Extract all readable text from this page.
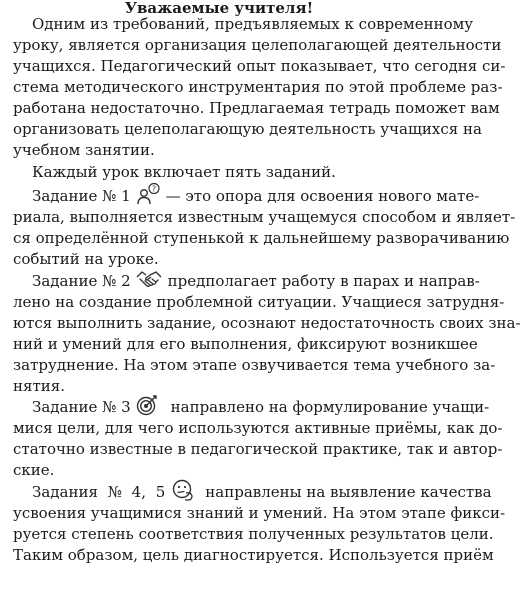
Уважаемые учителя!
Одним из требований, предъявляемых к современному
уроку, является организация целеполагающей деятельности
учащихся. Педагогический опыт показывает, что сегодня си-
стема методического инструментария по этой проблеме раз-
работана недостаточно. Предлагаемая тетрадь поможет вам
организовать целеполагающую деятельность учащихся на
учебном занятии.
Каждый урок включает пять заданий.
Задание № 1	? — это опора для освоения нового мате-
риала, выполняется известным учащемуся способом и являет-
ся определённой ступенькой к дальнейшему разворачиванию
событий на уроке.
Задание № 2 предполагает работу в парах и направ-
лено на создание проблемной ситуации. Учащиеся затрудня-
ются выполнить задание, осознают недостаточность своих зна-
ний и умений для его выполнения, фиксируют возникшее
затруднение. На этом этапе озвучивается тема учебного за-
нятия.
Задание № 3	направлено на формулирование учащи-
мися цели, для чего используются активные приёмы, как до-
статочно известные в педагогической практике, так и автор-
ские.
Задания № 4, 5	направлены на выявление качества
усвоения учащимися знаний и умений. На этом этапе фикси-
руется степень соответствия полученных результатов цели.
Таким образом, цель диагностируется. Используется приём
